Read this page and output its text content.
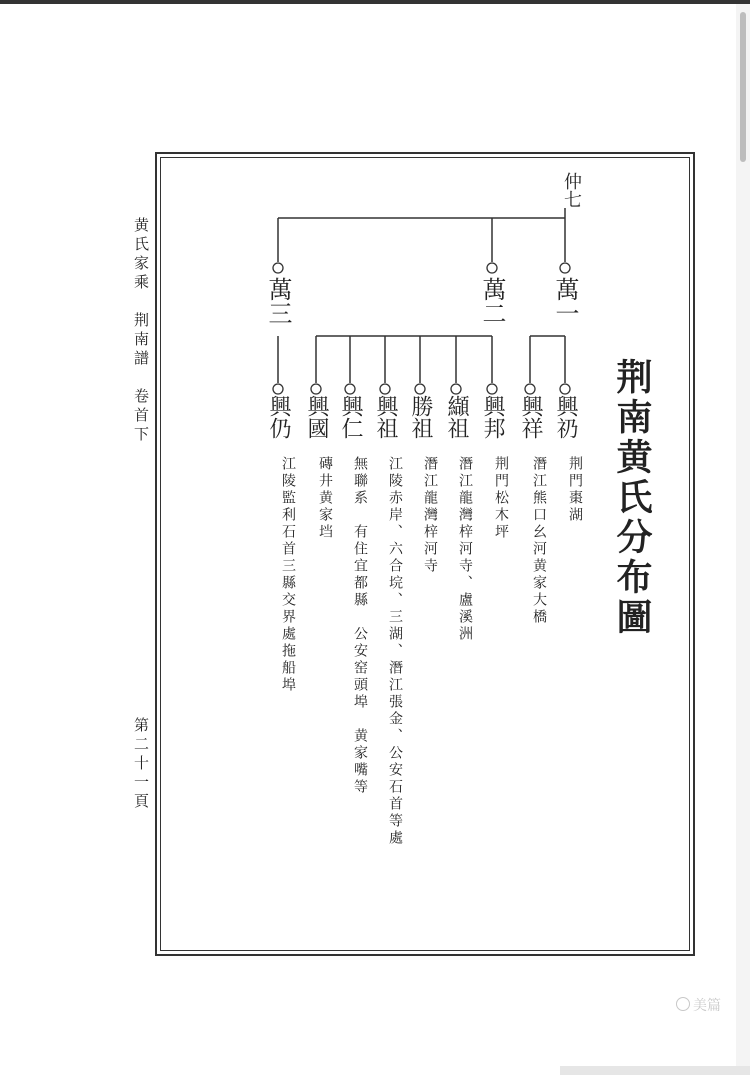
黄氏家乘　荆南譜　卷首下
第二十一頁
荆南黄氏分布圖
仲七
萬一
萬二
萬三
興礽
興祥
興邦
纈祖
勝祖
興祖
興仁
興國
興仍
荆門棗湖
潛江熊口幺河黄家大橋
荆門松木坪
潛江龍灣梓河寺、盧溪洲
潛江龍灣梓河寺
江陵赤岸、六合垸、三湖、潛江張金、公安石首等處
無聯系　有住宜都縣　公安窑頭埠　黄家嘴等
磚井黄家垱
江陵監利石首三縣交界處拖船埠
美篇
